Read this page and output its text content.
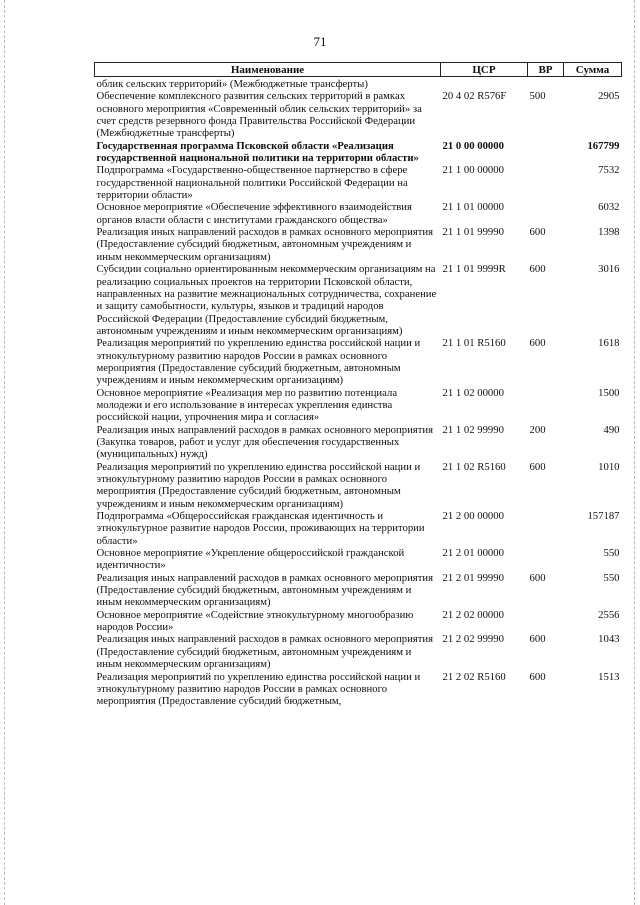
71
Наименование	ЦСР	ВР	Сумма
облик сельских территорий» (Межбюджетные трансферты)			
Обеспечение комплексного развития сельских территорий в рамках основного мероприятия «Современный облик сельских территорий» за счет средств резервного фонда Правительства Российской Федерации (Межбюджетные трансферты)	20 4 02 R576F	500	2905
Государственная программа Псковской области «Реализация государственной национальной политики на территории области»	21 0 00 00000		167799
Подпрограмма «Государственно-общественное партнерство в сфере государственной национальной политики Российской Федерации на территории области»	21 1 00 00000		7532
Основное мероприятие «Обеспечение эффективного взаимодействия органов власти области с институтами гражданского общества»	21 1 01 00000		6032
Реализация иных направлений расходов в рамках основного мероприятия (Предоставление субсидий бюджетным, автономным учреждениям и иным некоммерческим организациям)	21 1 01 99990	600	1398
Субсидии социально ориентированным некоммерческим организациям на реализацию социальных проектов на территории Псковской области, направленных на развитие межнациональных сотрудничества, сохранение и защиту самобытности, культуры, языков и традиций народов Российской Федерации (Предоставление субсидий бюджетным, автономным учреждениям и иным некоммерческим организациям)	21 1 01 9999R	600	3016
Реализация мероприятий по укреплению единства российской нации и этнокультурному развитию народов России в рамках основного мероприятия (Предоставление субсидий бюджетным, автономным учреждениям и иным некоммерческим организациям)	21 1 01 R5160	600	1618
Основное мероприятие «Реализация мер по развитию потенциала молодежи и его использование в интересах укрепления единства российской нации, упрочнения мира и согласия»	21 1 02 00000		1500
Реализация иных направлений расходов в рамках основного мероприятия (Закупка товаров, работ и услуг для обеспечения государственных (муниципальных) нужд)	21 1 02 99990	200	490
Реализация мероприятий по укреплению единства российской нации и этнокультурному развитию народов России в рамках основного мероприятия (Предоставление субсидий бюджетным, автономным учреждениям и иным некоммерческим организациям)	21 1 02 R5160	600	1010
Подпрограмма «Общероссийская гражданская идентичность и этнокультурное развитие народов России, проживающих на территории области»	21 2 00 00000		157187
Основное мероприятие «Укрепление общероссийской гражданской идентичности»	21 2 01 00000		550
Реализация иных направлений расходов в рамках основного мероприятия (Предоставление субсидий бюджетным, автономным учреждениям и иным некоммерческим организациям)	21 2 01 99990	600	550
Основное мероприятие «Содействие этнокультурному многообразию народов России»	21 2 02 00000		2556
Реализация иных направлений расходов в рамках основного мероприятия (Предоставление субсидий бюджетным, автономным учреждениям и иным некоммерческим организациям)	21 2 02 99990	600	1043
Реализация мероприятий по укреплению единства российской нации и этнокультурному развитию народов России в рамках основного мероприятия (Предоставление субсидий бюджетным,	21 2 02 R5160	600	1513
